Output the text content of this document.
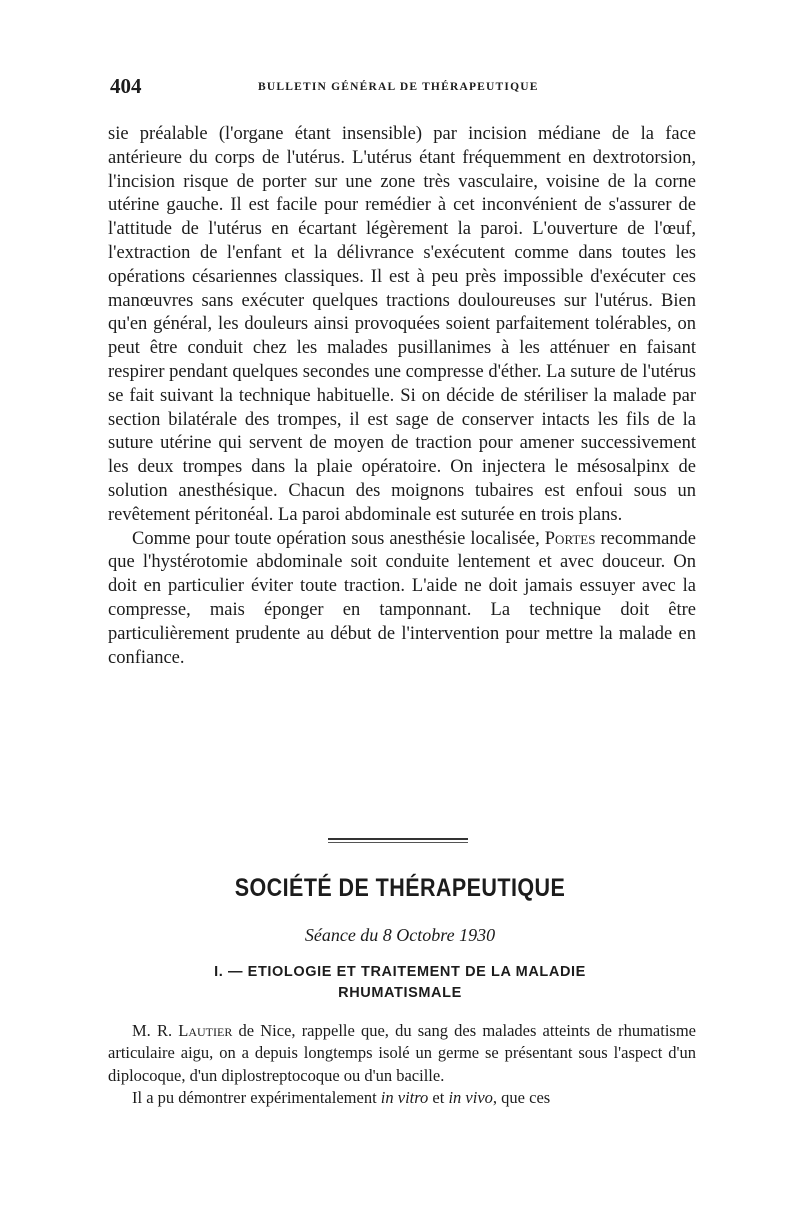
404	BULLETIN GÉNÉRAL DE THÉRAPEUTIQUE

sie préalable (l'organe étant insensible) par incision médiane de la face antérieure du corps de l'utérus. L'utérus étant fréquemment en dextrotorsion, l'incision risque de porter sur une zone très vasculaire, voisine de la corne utérine gauche. Il est facile pour remédier à cet inconvénient de s'assurer de l'attitude de l'utérus en écartant légèrement la paroi. L'ouverture de l'œuf, l'extraction de l'enfant et la délivrance s'exécutent comme dans toutes les opérations césariennes classiques. Il est à peu près impossible d'exécuter ces manœuvres sans exécuter quelques tractions douloureuses sur l'utérus. Bien qu'en général, les douleurs ainsi provoquées soient parfaitement tolérables, on peut être conduit chez les malades pusillanimes à les atténuer en faisant respirer pendant quelques secondes une compresse d'éther. La suture de l'utérus se fait suivant la technique habituelle. Si on décide de stériliser la malade par section bilatérale des trompes, il est sage de conserver intacts les fils de la suture utérine qui servent de moyen de traction pour amener successivement les deux trompes dans la plaie opératoire. On injectera le mésosalpinx de solution anesthésique. Chacun des moignons tubaires est enfoui sous un revêtement péritonéal. La paroi abdominale est suturée en trois plans.

Comme pour toute opération sous anesthésie localisée, Portes recommande que l'hystérotomie abdominale soit conduite lentement et avec douceur. On doit en particulier éviter toute traction. L'aide ne doit jamais essuyer avec la compresse, mais éponger en tamponnant. La technique doit être particulièrement prudente au début de l'intervention pour mettre la malade en confiance.

SOCIÉTÉ DE THÉRAPEUTIQUE
Séance du 8 Octobre 1930
I. — ETIOLOGIE ET TRAITEMENT DE LA MALADIE RHUMATISMALE

M. R. Lautier de Nice, rappelle que, du sang des malades atteints de rhumatisme articulaire aigu, on a depuis longtemps isolé un germe se présentant sous l'aspect d'un diplocoque, d'un diplostreptocoque ou d'un bacille.

Il a pu démontrer expérimentalement in vitro et in vivo, que ces
